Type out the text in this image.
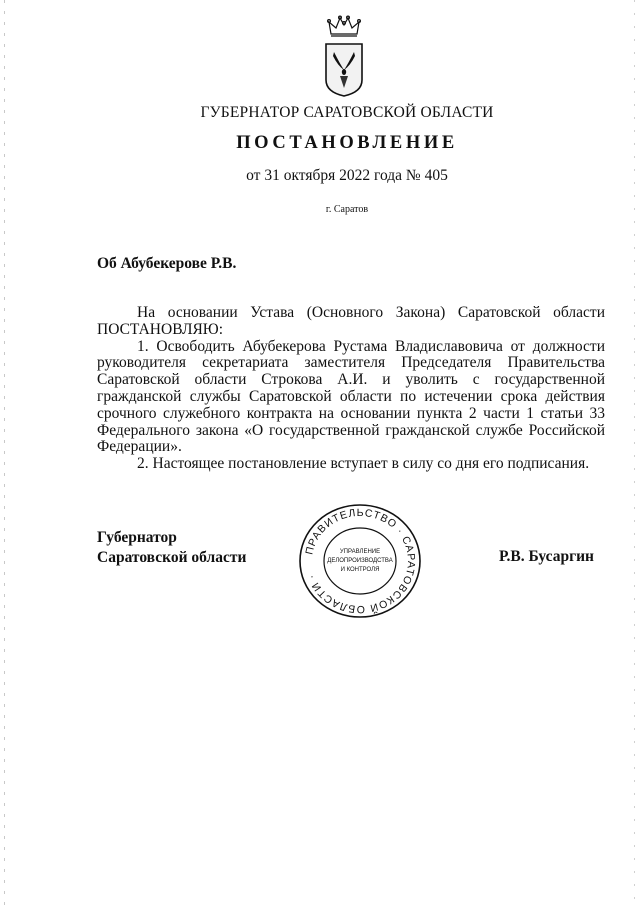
ГУБЕРНАТОР САРАТОВСКОЙ ОБЛАСТИ
ПОСТАНОВЛЕНИЕ
от 31 октября 2022 года № 405
г. Саратов
Об Абубекерове Р.В.

На основании Устава (Основного Закона) Саратовской области

ПОСТАНОВЛЯЮ:

1. Освободить Абубекерова Рустама Владиславовича от должности руководителя секретариата заместителя Председателя Правительства Саратовской области Строкова А.И. и уволить с государственной гражданской службы Саратовской области по истечении срока действия срочного служебного контракта на основании пункта 2 части 1 статьи 33 Федерального закона «О государственной гражданской службе Российской Федерации».

2. Настоящее постановление вступает в силу со дня его подписания.

Губернатор
Саратовской области	ПРАВИТЕЛЬСТВО · САРАТОВСКОЙ ОБЛАСТИ ·
УПРАВЛЕНИЕ
ДЕЛОПРОИЗВОДСТВА
И КОНТРОЛЯ
Р.В. Бусаргин
